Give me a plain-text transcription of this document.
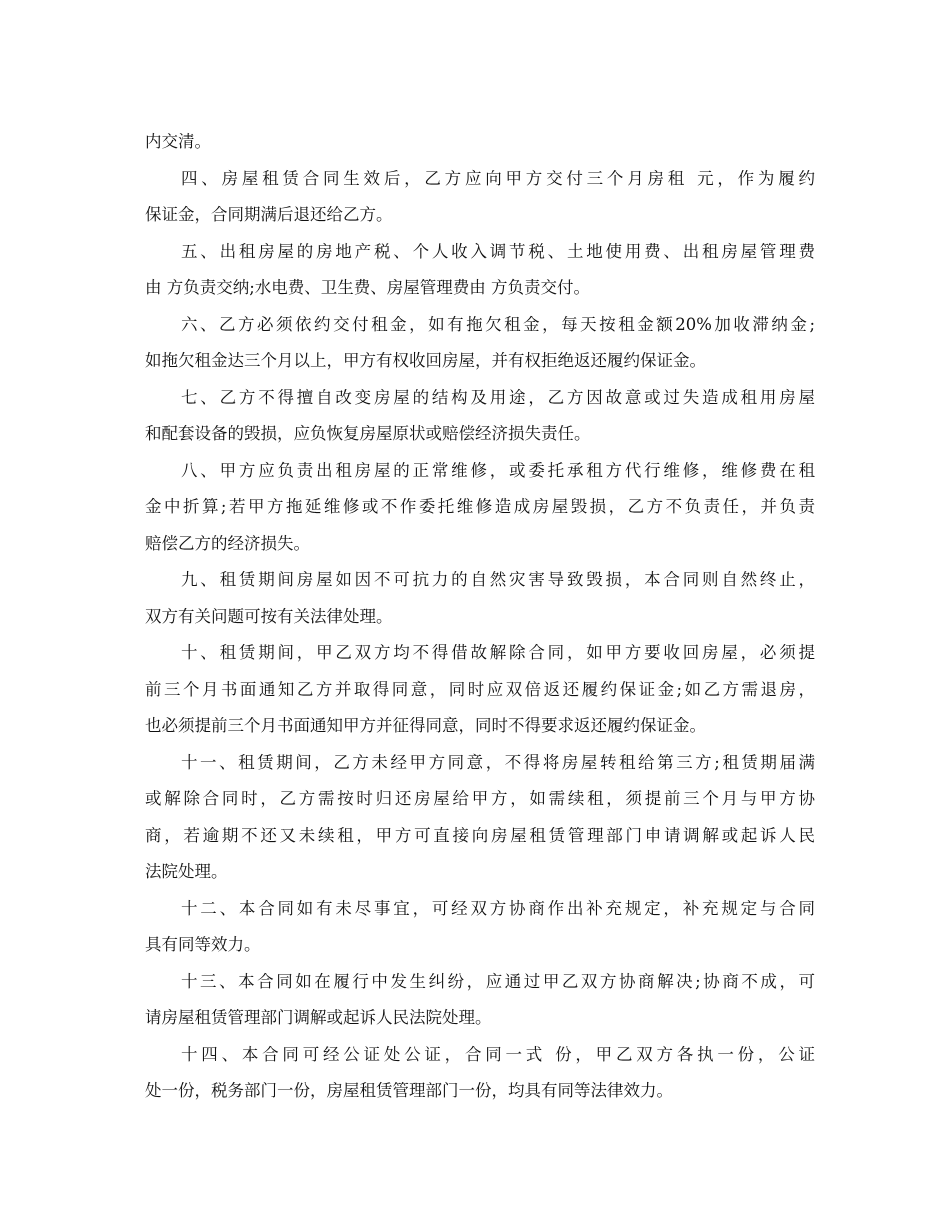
内交清。
四、房屋租赁合同生效后，乙方应向甲方交付三个月房租 元，作为履约
保证金，合同期满后退还给乙方。
五、出租房屋的房地产税、个人收入调节税、土地使用费、出租房屋管理费
由 方负责交纳;水电费、卫生费、房屋管理费由 方负责交付。
六、乙方必须依约交付租金，如有拖欠租金，每天按租金额20%加收滞纳金;
如拖欠租金达三个月以上，甲方有权收回房屋，并有权拒绝返还履约保证金。
七、乙方不得擅自改变房屋的结构及用途，乙方因故意或过失造成租用房屋
和配套设备的毁损，应负恢复房屋原状或赔偿经济损失责任。
八、甲方应负责出租房屋的正常维修，或委托承租方代行维修，维修费在租
金中折算;若甲方拖延维修或不作委托维修造成房屋毁损，乙方不负责任，并负责
赔偿乙方的经济损失。
九、租赁期间房屋如因不可抗力的自然灾害导致毁损，本合同则自然终止，
双方有关问题可按有关法律处理。
十、租赁期间，甲乙双方均不得借故解除合同，如甲方要收回房屋，必须提
前三个月书面通知乙方并取得同意，同时应双倍返还履约保证金;如乙方需退房，
也必须提前三个月书面通知甲方并征得同意，同时不得要求返还履约保证金。
十一、租赁期间，乙方未经甲方同意，不得将房屋转租给第三方;租赁期届满
或解除合同时，乙方需按时归还房屋给甲方，如需续租，须提前三个月与甲方协
商，若逾期不还又未续租，甲方可直接向房屋租赁管理部门申请调解或起诉人民
法院处理。
十二、本合同如有未尽事宜，可经双方协商作出补充规定，补充规定与合同
具有同等效力。
十三、本合同如在履行中发生纠纷，应通过甲乙双方协商解决;协商不成，可
请房屋租赁管理部门调解或起诉人民法院处理。
十四、本合同可经公证处公证，合同一式 份，甲乙双方各执一份，公证
处一份，税务部门一份，房屋租赁管理部门一份，均具有同等法律效力。
